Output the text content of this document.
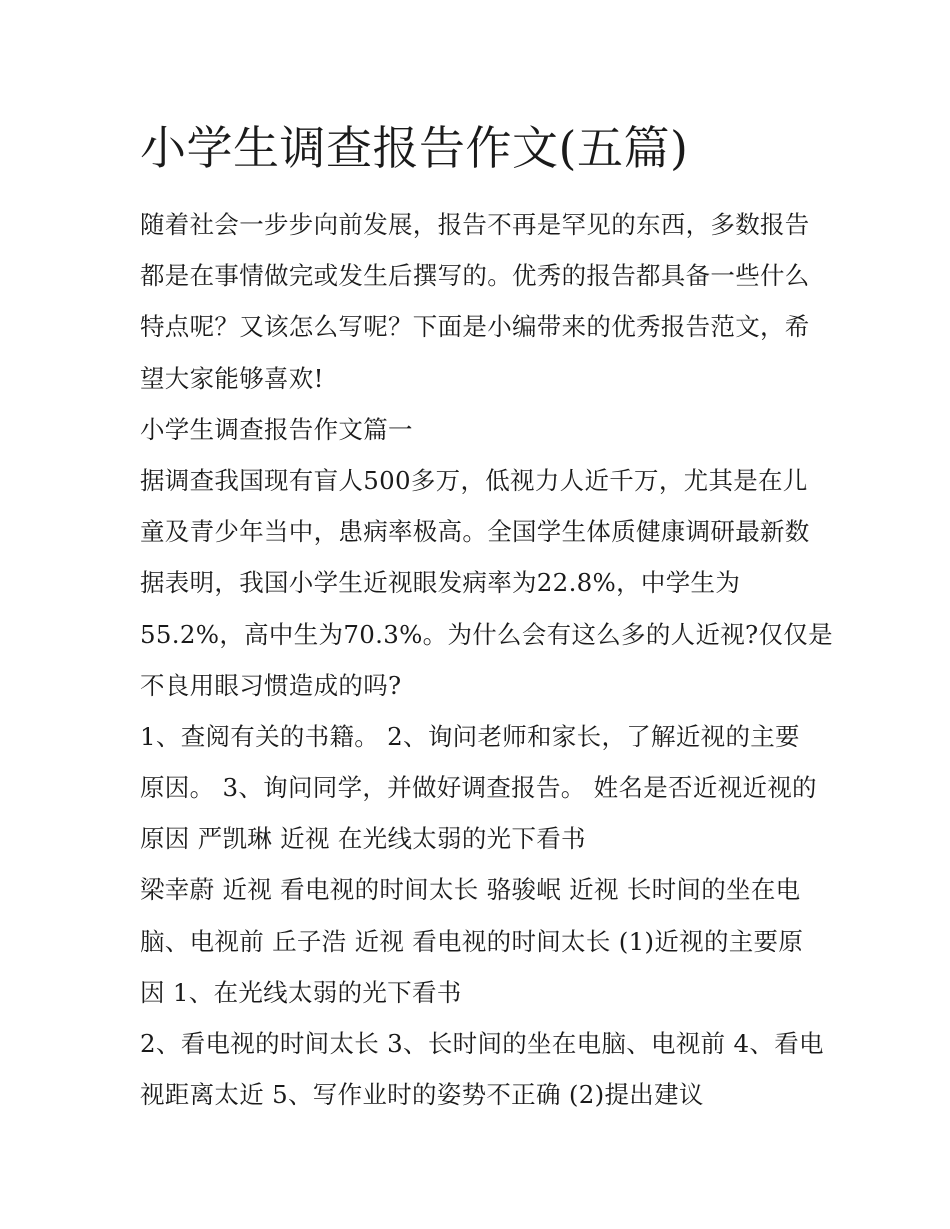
小学生调查报告作文(五篇)
随着社会一步步向前发展，报告不再是罕见的东西，多数报告
都是在事情做完或发生后撰写的。优秀的报告都具备一些什么
特点呢？又该怎么写呢？下面是小编带来的优秀报告范文，希
望大家能够喜欢!
小学生调查报告作文篇一
据调查我国现有盲人500多万，低视力人近千万，尤其是在儿
童及青少年当中，患病率极高。全国学生体质健康调研最新数
据表明，我国小学生近视眼发病率为22.8%，中学生为
55.2%，高中生为70.3%。为什么会有这么多的人近视?仅仅是
不良用眼习惯造成的吗?
1、查阅有关的书籍。 2、询问老师和家长，了解近视的主要
原因。 3、询问同学，并做好调查报告。 姓名是否近视近视的
原因 严凯琳 近视 在光线太弱的光下看书
梁幸蔚 近视 看电视的时间太长 骆骏岷 近视 长时间的坐在电
脑、电视前 丘子浩 近视 看电视的时间太长 (1)近视的主要原
因 1、在光线太弱的光下看书
2、看电视的时间太长 3、长时间的坐在电脑、电视前 4、看电
视距离太近 5、写作业时的姿势不正确 (2)提出建议
